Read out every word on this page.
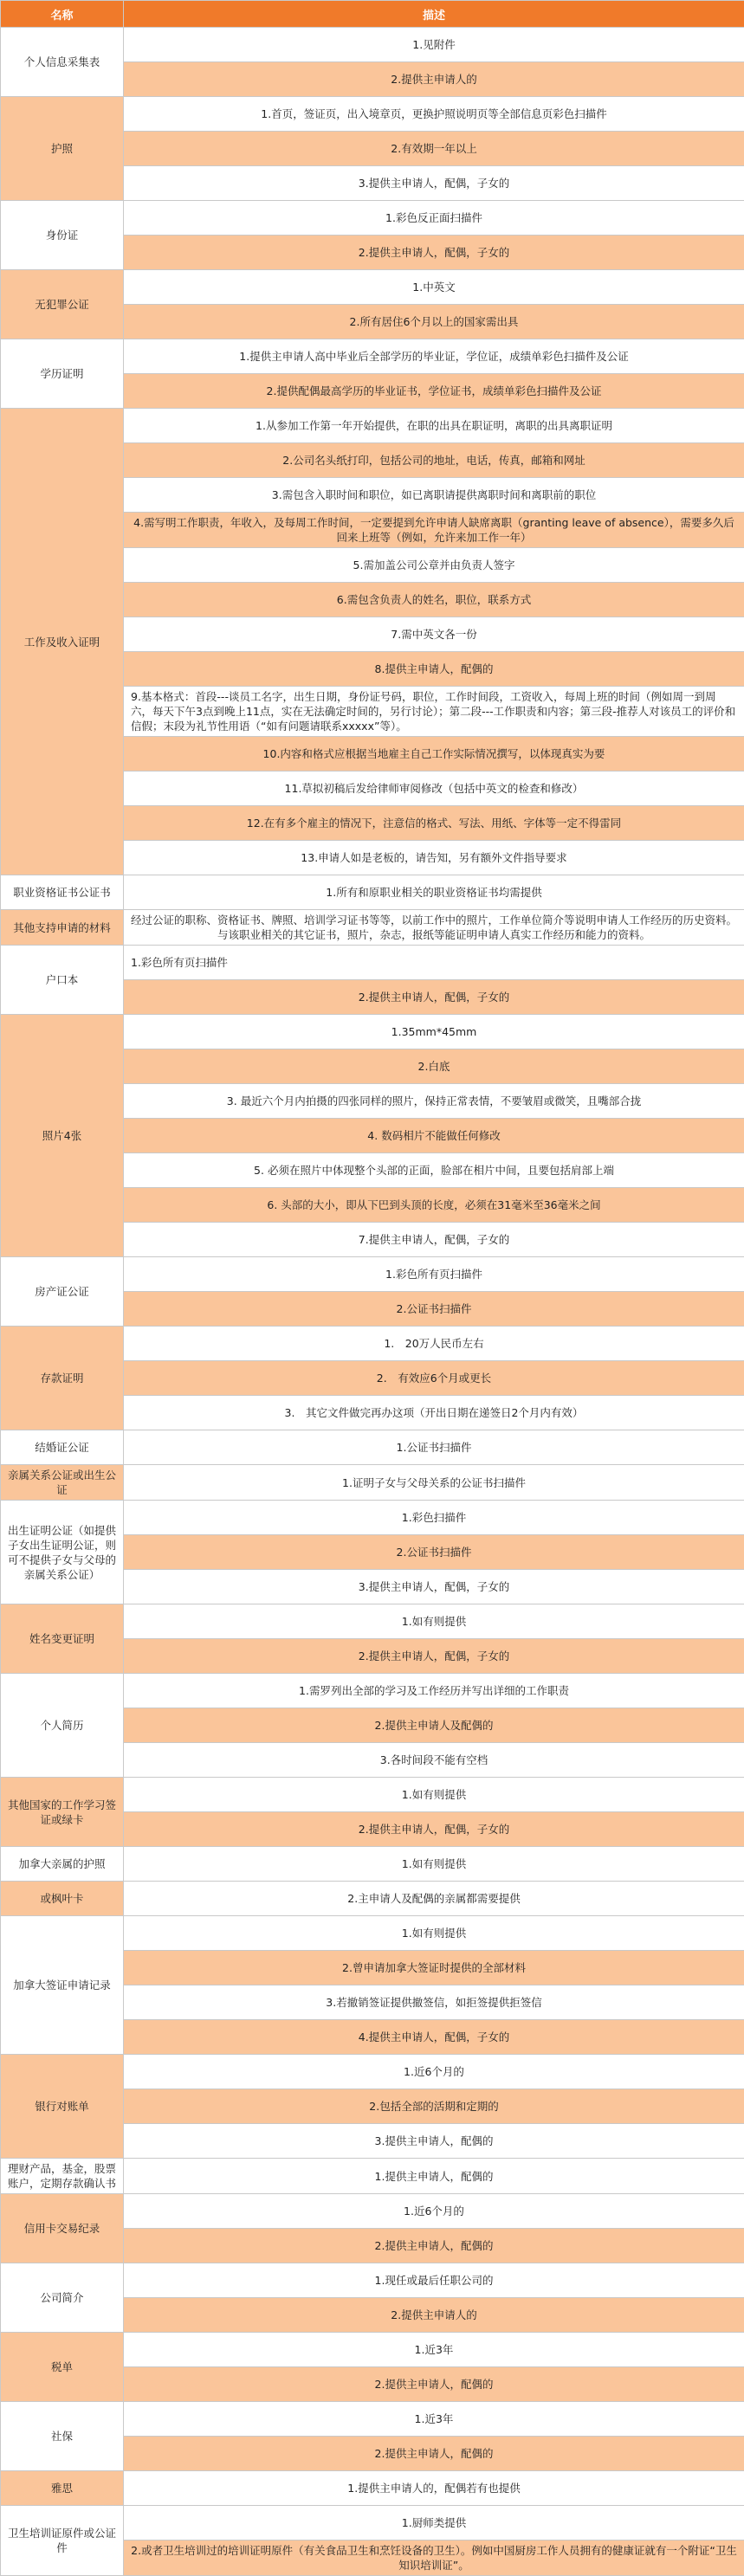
名称	描述
个人信息采集表	1.见附件
	2.提供主申请人的
护照	1.首页，签证页，出入境章页，更换护照说明页等全部信息页彩色扫描件
	2.有效期一年以上
	3.提供主申请人，配偶，子女的
身份证	1.彩色反正面扫描件
	2.提供主申请人，配偶，子女的
无犯罪公证	1.中英文
	2.所有居住6个月以上的国家需出具
学历证明	1.提供主申请人高中毕业后全部学历的毕业证，学位证，成绩单彩色扫描件及公证
	2.提供配偶最高学历的毕业证书，学位证书，成绩单彩色扫描件及公证
工作及收入证明	1.从参加工作第一年开始提供，在职的出具在职证明，离职的出具离职证明
	2.公司名头纸打印，包括公司的地址，电话，传真，邮箱和网址
	3.需包含入职时间和职位，如已离职请提供离职时间和离职前的职位
	4.需写明工作职责，年收入，及每周工作时间，一定要提到允许申请人缺席离职（granting leave of absence），需要多久后回来上班等（例如，允许来加工作一年）
	5.需加盖公司公章并由负责人签字
	6.需包含负责人的姓名，职位，联系方式
	7.需中英文各一份
	8.提供主申请人，配偶的
	9.基本格式：首段---谈员工名字，出生日期，身份证号码，职位，工作时间段，工资收入，每周上班的时间（例如周一到周六，每天下午3点到晚上11点，实在无法确定时间的，另行讨论）；第二段---工作职责和内容；第三段-推荐人对该员工的评价和信假；末段为礼节性用语（“如有问题请联系xxxxx”等）。
	10.内容和格式应根据当地雇主自己工作实际情况撰写，以体现真实为要
	11.草拟初稿后发给律师审阅修改（包括中英文的检查和修改）
	12.在有多个雇主的情况下，注意信的格式、写法、用纸、字体等一定不得雷同
	13.申请人如是老板的，请告知，另有额外文件指导要求
职业资格证书公证书	1.所有和原职业相关的职业资格证书均需提供
其他支持申请的材料	经过公证的职称、资格证书、牌照、培训学习证书等等，以前工作中的照片，工作单位简介等说明申请人工作经历的历史资料。与该职业相关的其它证书，照片，杂志，报纸等能证明申请人真实工作经历和能力的资料。
户口本	1.彩色所有页扫描件
	2.提供主申请人，配偶，子女的
照片4张	1.35mm*45mm
	2.白底
	3. 最近六个月内拍摄的四张同样的照片，保持正常表情，不要皱眉或微笑，且嘴部合拢
	4. 数码相片不能做任何修改
	5. 必须在照片中体现整个头部的正面，脸部在相片中间，且要包括肩部上端
	6. 头部的大小，即从下巴到头顶的长度，必须在31毫米至36毫米之间
	7.提供主申请人，配偶，子女的
房产证公证	1.彩色所有页扫描件
	2.公证书扫描件
存款证明	1.　20万人民币左右
	2.　有效应6个月或更长
	3.　其它文件做完再办这项（开出日期在递签日2个月内有效）
结婚证公证	1.公证书扫描件
亲属关系公证或出生公证	1.证明子女与父母关系的公证书扫描件
出生证明公证（如提供子女出生证明公证，则可不提供子女与父母的亲属关系公证）	1.彩色扫描件
	2.公证书扫描件
	3.提供主申请人，配偶，子女的
姓名变更证明	1.如有则提供
	2.提供主申请人，配偶，子女的
个人简历	1.需罗列出全部的学习及工作经历并写出详细的工作职责
	2.提供主申请人及配偶的
	3.各时间段不能有空档
其他国家的工作学习签证或绿卡	1.如有则提供
	2.提供主申请人，配偶，子女的
加拿大亲属的护照	1.如有则提供
或枫叶卡	2.主申请人及配偶的亲属都需要提供
加拿大签证申请记录	1.如有则提供
	2.曾申请加拿大签证时提供的全部材料
	3.若撤销签证提供撤签信，如拒签提供拒签信
	4.提供主申请人，配偶，子女的
银行对账单	1.近6个月的
	2.包括全部的活期和定期的
	3.提供主申请人，配偶的
理财产品，基金，股票账户，定期存款确认书	1.提供主申请人，配偶的
信用卡交易纪录	1.近6个月的
	2.提供主申请人，配偶的
公司简介	1.现任或最后任职公司的
	2.提供主申请人的
税单	1.近3年
	2.提供主申请人，配偶的
社保	1.近3年
	2.提供主申请人，配偶的
雅思	1.提供主申请人的，配偶若有也提供
卫生培训证原件或公证件	1.厨师类提供
	2.或者卫生培训过的培训证明原件（有关食品卫生和烹饪设备的卫生）。例如中国厨房工作人员拥有的健康证就有一个附证“卫生知识培训证”。
